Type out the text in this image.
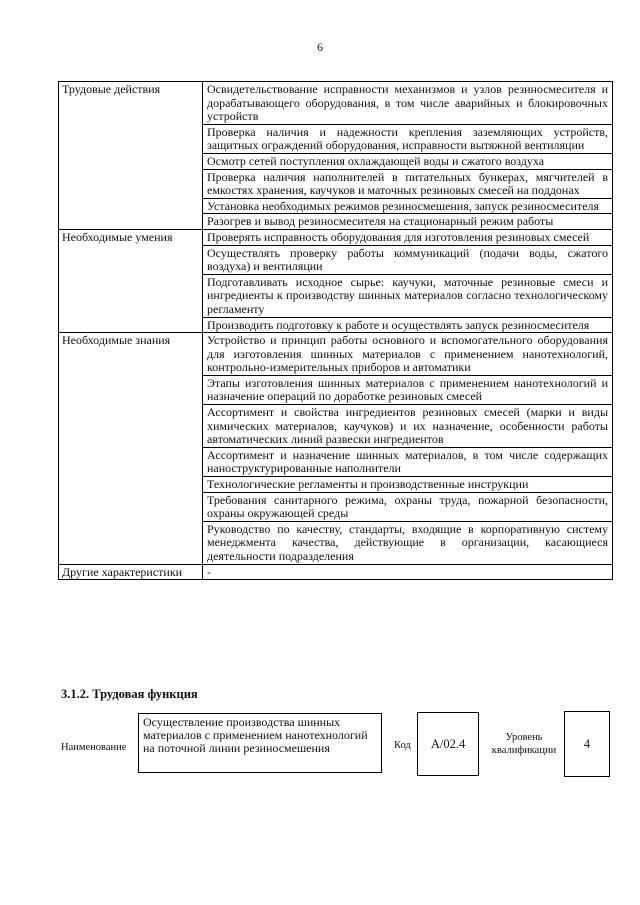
6
Трудовые действия	Освидетельствование исправности механизмов и узлов резиносмесителя и дорабатывающего оборудования, в том числе аварийных и блокировочных устройств
	Проверка наличия и надежности крепления заземляющих устройств, защитных ограждений оборудования, исправности вытяжной вентиляции
	Осмотр сетей поступления охлаждающей воды и сжатого воздуха
	Проверка наличия наполнителей в питательных бункерах, мягчителей в емкостях хранения, каучуков и маточных резиновых смесей на поддонах
	Установка необходимых режимов резиносмешения, запуск резиносмесителя
	Разогрев и вывод резиносмесителя на стационарный режим работы
Необходимые умения	Проверять исправность оборудования для изготовления резиновых смесей
	Осуществлять проверку работы коммуникаций (подачи воды, сжатого воздуха) и вентиляции
	Подготавливать исходное сырье: каучуки, маточные резиновые смеси и ингредиенты к производству шинных материалов согласно технологическому регламенту
	Производить подготовку к работе и осуществлять запуск резиносмесителя
Необходимые знания	Устройство и принцип работы основного и вспомогательного оборудования для изготовления шинных материалов с применением нанотехнологий, контрольно-измерительных приборов и автоматики
	Этапы изготовления шинных материалов с применением нанотехнологий и назначение операций по доработке резиновых смесей
	Ассортимент и свойства ингредиентов резиновых смесей (марки и виды химических материалов, каучуков) и их назначение, особенности работы автоматических линий развески ингредиентов
	Ассортимент и назначение шинных материалов, в том числе содержащих наноструктурированные наполнители
	Технологические регламенты и производственные инструкции
	Требования санитарного режима, охраны труда, пожарной безопасности, охраны окружающей среды
	Руководство по качеству, стандарты, входящие в корпоративную систему менеджмента качества, действующие в организации, касающиеся деятельности подразделения
Другие характеристики	-
3.1.2. Трудовая функция
Наименование
Осуществление производства шинных материалов с применением нанотехнологий на поточной линии резиносмешения	Код	A/02.4	Уровень квалификации	4
